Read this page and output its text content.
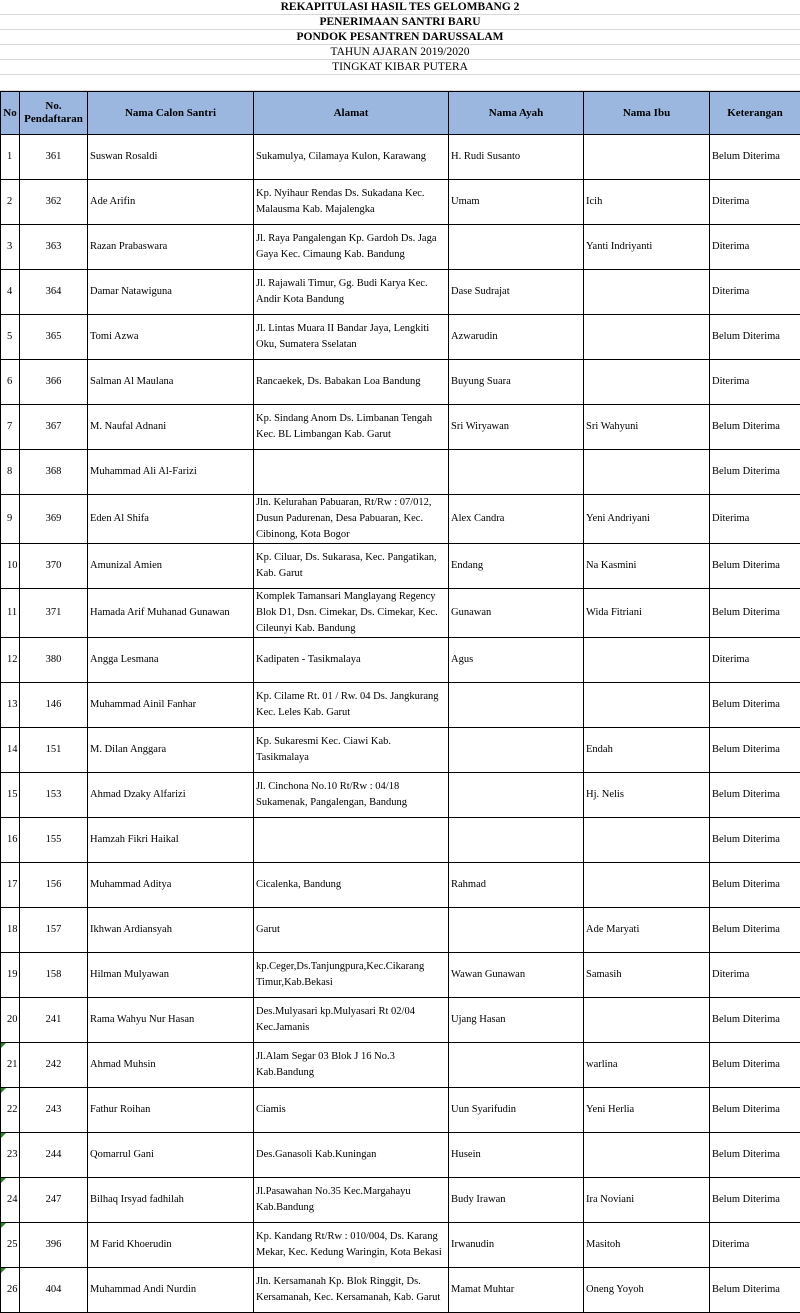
REKAPITULASI HASIL TES GELOMBANG 2
PENERIMAAN SANTRI BARU
PONDOK PESANTREN DARUSSALAM
TAHUN AJARAN 2019/2020
TINGKAT KIBAR PUTERA
No	No. Pendaftaran	Nama Calon Santri	Alamat	Nama Ayah	Nama Ibu	Keterangan
1	361	Suswan Rosaldi	Sukamulya, Cilamaya Kulon, Karawang	H. Rudi Susanto		Belum Diterima
2	362	Ade Arifin	Kp. Nyihaur Rendas Ds. Sukadana Kec. Malausma Kab. Majalengka	Umam	Icih	Diterima
3	363	Razan Prabaswara	Jl. Raya Pangalengan Kp. Gardoh Ds. Jaga Gaya Kec. Cimaung Kab. Bandung		Yanti Indriyanti	Diterima
4	364	Damar Natawiguna	Jl. Rajawali Timur, Gg. Budi Karya Kec. Andir Kota Bandung	Dase Sudrajat		Diterima
5	365	Tomi Azwa	Jl. Lintas Muara II Bandar Jaya, Lengkiti Oku, Sumatera Sselatan	Azwarudin		Belum Diterima
6	366	Salman Al Maulana	Rancaekek, Ds. Babakan Loa Bandung	Buyung Suara		Diterima
7	367	M. Naufal Adnani	Kp. Sindang Anom Ds. Limbanan Tengah Kec. BL Limbangan Kab. Garut	Sri Wiryawan	Sri Wahyuni	Belum Diterima
8	368	Muhammad Ali Al-Farizi				Belum Diterima
9	369	Eden Al Shifa	Jln. Kelurahan Pabuaran, Rt/Rw : 07/012, Dusun Padurenan, Desa Pabuaran, Kec. Cibinong, Kota Bogor	Alex Candra	Yeni Andriyani	Diterima
10	370	Amunizal Amien	Kp. Ciluar, Ds. Sukarasa, Kec. Pangatikan, Kab. Garut	Endang	Na Kasmini	Belum Diterima
11	371	Hamada Arif Muhanad Gunawan	Komplek Tamansari Manglayang Regency Blok D1, Dsn. Cimekar, Ds. Cimekar, Kec. Cileunyi Kab. Bandung	Gunawan	Wida Fitriani	Belum Diterima
12	380	Angga Lesmana	Kadipaten - Tasikmalaya	Agus		Diterima
13	146	Muhammad Ainil Fanhar	Kp. Cilame Rt. 01 / Rw. 04 Ds. Jangkurang Kec. Leles Kab. Garut			Belum Diterima
14	151	M. Dilan Anggara	Kp. Sukaresmi Kec. Ciawi Kab. Tasikmalaya		Endah	Belum Diterima
15	153	Ahmad Dzaky Alfarizi	Jl. Cinchona No.10 Rt/Rw : 04/18 Sukamenak, Pangalengan, Bandung		Hj. Nelis	Belum Diterima
16	155	Hamzah Fikri Haikal				Belum Diterima
17	156	Muhammad Aditya	Cicalenka, Bandung	Rahmad		Belum Diterima
18	157	Ikhwan Ardiansyah	Garut		Ade Maryati	Belum Diterima
19	158	Hilman Mulyawan	kp.Ceger,Ds.Tanjungpura,Kec.Cikarang Timur,Kab.Bekasi	Wawan Gunawan	Samasih	Diterima
20	241	Rama Wahyu Nur Hasan	Des.Mulyasari kp.Mulyasari Rt 02/04 Kec.Jamanis	Ujang Hasan		Belum Diterima
21	242	Ahmad Muhsin	Jl.Alam Segar 03 Blok J 16 No.3 Kab.Bandung		warlina	Belum Diterima
22	243	Fathur Roihan	Ciamis	Uun Syarifudin	Yeni Herlia	Belum Diterima
23	244	Qomarrul Gani	Des.Ganasoli Kab.Kuningan	Husein		Belum Diterima
24	247	Bilhaq Irsyad fadhilah	Jl.Pasawahan No.35 Kec.Margahayu Kab.Bandung	Budy Irawan	Ira Noviani	Belum Diterima
25	396	M Farid Khoerudin	Kp. Kandang Rt/Rw : 010/004, Ds. Karang Mekar, Kec. Kedung Waringin, Kota Bekasi	Irwanudin	Masitoh	Diterima
26	404	Muhammad Andi Nurdin	Jln. Kersamanah Kp. Blok Ringgit, Ds. Kersamanah, Kec. Kersamanah, Kab. Garut	Mamat Muhtar	Oneng Yoyoh	Belum Diterima
